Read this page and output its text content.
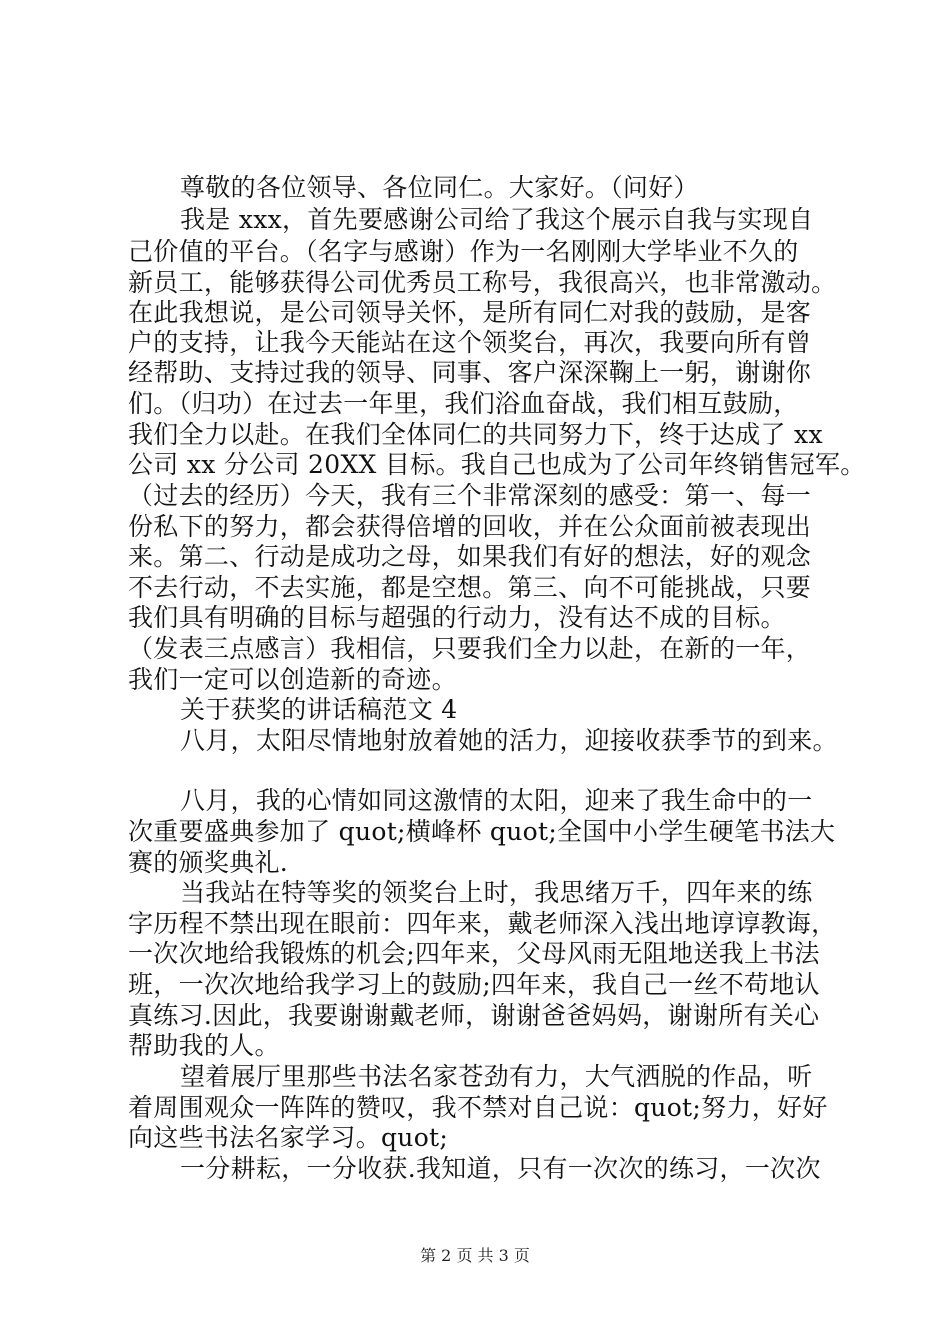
尊敬的各位领导、各位同仁。大家好。（问好）
我是 xxx，首先要感谢公司给了我这个展示自我与实现自
己价值的平台。（名字与感谢）作为一名刚刚大学毕业不久的
新员工，能够获得公司优秀员工称号，我很高兴，也非常激动。
在此我想说，是公司领导关怀，是所有同仁对我的鼓励，是客
户的支持，让我今天能站在这个领奖台，再次，我要向所有曾
经帮助、支持过我的领导、同事、客户深深鞠上一躬，谢谢你
们。（归功）在过去一年里，我们浴血奋战，我们相互鼓励，
我们全力以赴。在我们全体同仁的共同努力下，终于达成了 xx
公司 xx 分公司 20XX 目标。我自己也成为了公司年终销售冠军。
（过去的经历）今天，我有三个非常深刻的感受：第一、每一
份私下的努力，都会获得倍增的回收，并在公众面前被表现出
来。第二、行动是成功之母，如果我们有好的想法，好的观念
不去行动，不去实施，都是空想。第三、向不可能挑战，只要
我们具有明确的目标与超强的行动力，没有达不成的目标。
（发表三点感言）我相信，只要我们全力以赴，在新的一年，
我们一定可以创造新的奇迹。
关于获奖的讲话稿范文 4
八月，太阳尽情地射放着她的活力，迎接收获季节的到来。
八月，我的心情如同这激情的太阳，迎来了我生命中的一
次重要盛典参加了 quot;横峰杯 quot;全国中小学生硬笔书法大
赛的颁奖典礼.
当我站在特等奖的领奖台上时，我思绪万千，四年来的练
字历程不禁出现在眼前：四年来，戴老师深入浅出地谆谆教诲，
一次次地给我锻炼的机会;四年来，父母风雨无阻地送我上书法
班，一次次地给我学习上的鼓励;四年来，我自己一丝不苟地认
真练习.因此，我要谢谢戴老师，谢谢爸爸妈妈，谢谢所有关心
帮助我的人。
望着展厅里那些书法名家苍劲有力，大气洒脱的作品，听
着周围观众一阵阵的赞叹，我不禁对自己说：quot;努力，好好
向这些书法名家学习。quot;
一分耕耘，一分收获.我知道，只有一次次的练习，一次次
第 2 页 共 3 页
